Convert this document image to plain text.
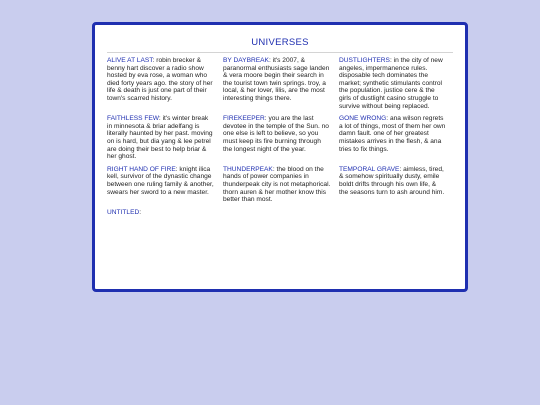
UNIVERSES
ALIVE AT LAST: robin brecker & benny hart discover a radio show hosted by eva rose, a woman who died forty years ago. the story of her life & death is just one part of their town's scarred history.
BY DAYBREAK: it's 2007, & paranormal enthusiasts sage landen & vera moore begin their search in the tourist town twin springs. troy, a local, & her lover, lilis, are the most interesting things there.
DUSTLIGHTERS: in the city of new angeles, impermanence rules. disposable tech dominates the market; synthetic stimulants control the population. justice cere & the girls of dustlight casino struggle to survive without being replaced.
FAITHLESS FEW: it's winter break in minnesota & briar adelfang is literally haunted by her past. moving on is hard, but dia yang & lee petrel are doing their best to help briar & her ghost.
FIREKEEPER: you are the last devotee in the temple of the Sun. no one else is left to believe, so you must keep its fire burning through the longest night of the year.
GONE WRONG: ana wilson regrets a lot of things, most of them her own damn fault. one of her greatest mistakes arrives in the flesh, & ana tries to fix things.
RIGHT HAND OF FIRE: knight ilica kell, survivor of the dynastic change between one ruling family & another, swears her sword to a new master.
THUNDERPEAK: the blood on the hands of power companies in thunderpeak city is not metaphorical. thorn auren & her mother know this better than most.
TEMPORAL GRAVE: aimless, tired, & somehow spiritually dusty, emile boldt drifts through his own life, & the seasons turn to ash around him.
UNTITLED:
